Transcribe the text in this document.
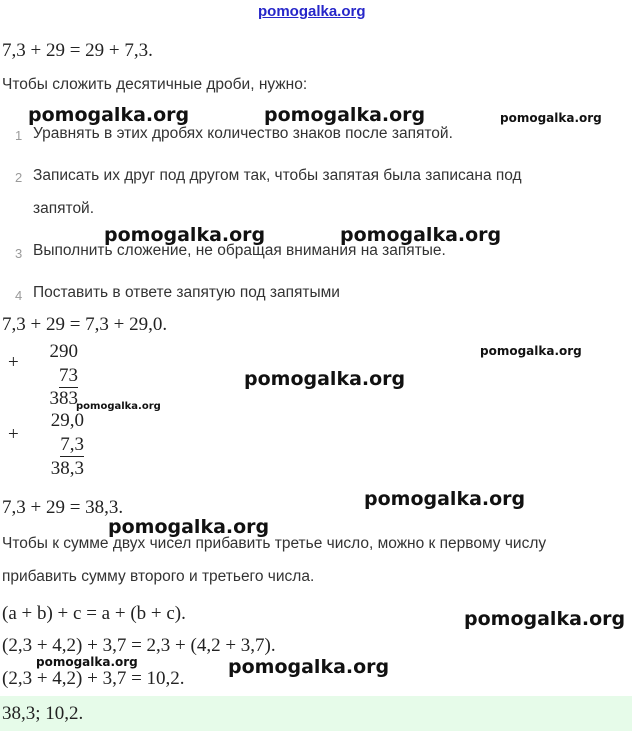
pomogalka.org
7,3 + 29 = 29 + 7,3.
Чтобы сложить десятичные дроби, нужно:
pomogalka.org	pomogalka.org	pomogalka.org
1 Уравнять в этих дробях количество знаков после запятой.
2 Записать их друг под другом так, чтобы запятая была записана под
запятой.
pomogalka.org	pomogalka.org
3 Выполнить сложение, не обращая внимания на запятые.
4 Поставить в ответе запятую под запятыми
7,3 + 29 = 7,3 + 29,0.
+
290
73
383
pomogalka.org
pomogalka.org
pomogalka.org
+
29,0
7,3
38,3
7,3 + 29 = 38,3.	pomogalka.org
pomogalka.org
Чтобы к сумме двух чисел прибавить третье число, можно к первому числу
прибавить сумму второго и третьего числа.
(a + b) + c = a + (b + c).	pomogalka.org
(2,3 + 4,2) + 3,7 = 2,3 + (4,2 + 3,7).
pomogalka.org	pomogalka.org
(2,3 + 4,2) + 3,7 = 10,2.
38,3; 10,2.
